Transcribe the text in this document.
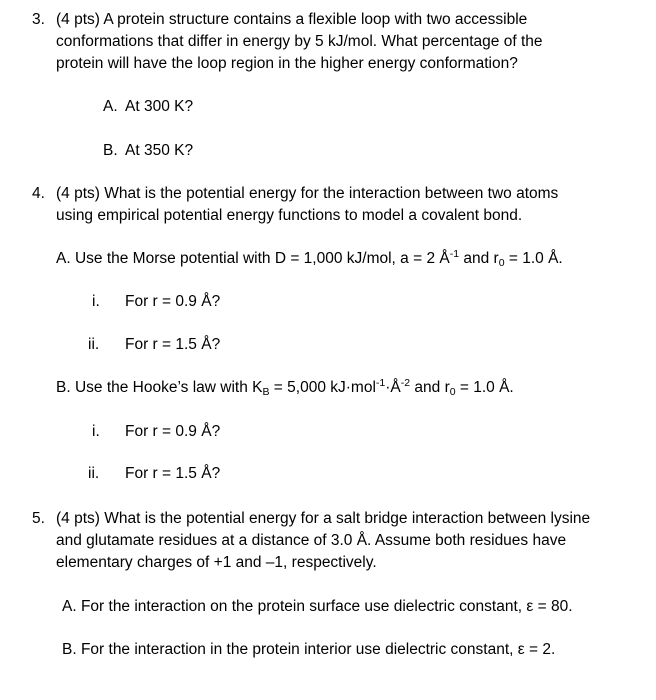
3. (4 pts) A protein structure contains a flexible loop with two accessible
conformations that differ in energy by 5 kJ/mol. What percentage of the
protein will have the loop region in the higher energy conformation?
A. At 300 K?
B. At 350 K?
4. (4 pts) What is the potential energy for the interaction between two atoms
using empirical potential energy functions to model a covalent bond.
A. Use the Morse potential with D = 1,000 kJ/mol, a = 2 $Å^{-1}$ and $r_0 = 1.0$ Å.
i. For r = 0.9 Å?
ii. For r = 1.5 Å?
B. Use the Hooke’s law with $K_B = 5,000$ $kJ\cdot mol^{-1}\cdot Å^{-2}$ and $r_0 = 1.0$ Å.
i. For r = 0.9 Å?
ii. For r = 1.5 Å?
5. (4 pts) What is the potential energy for a salt bridge interaction between lysine
and glutamate residues at a distance of 3.0 Å. Assume both residues have
elementary charges of +1 and –1, respectively.
A. For the interaction on the protein surface use dielectric constant, ε = 80.
B. For the interaction in the protein interior use dielectric constant, ε = 2.
